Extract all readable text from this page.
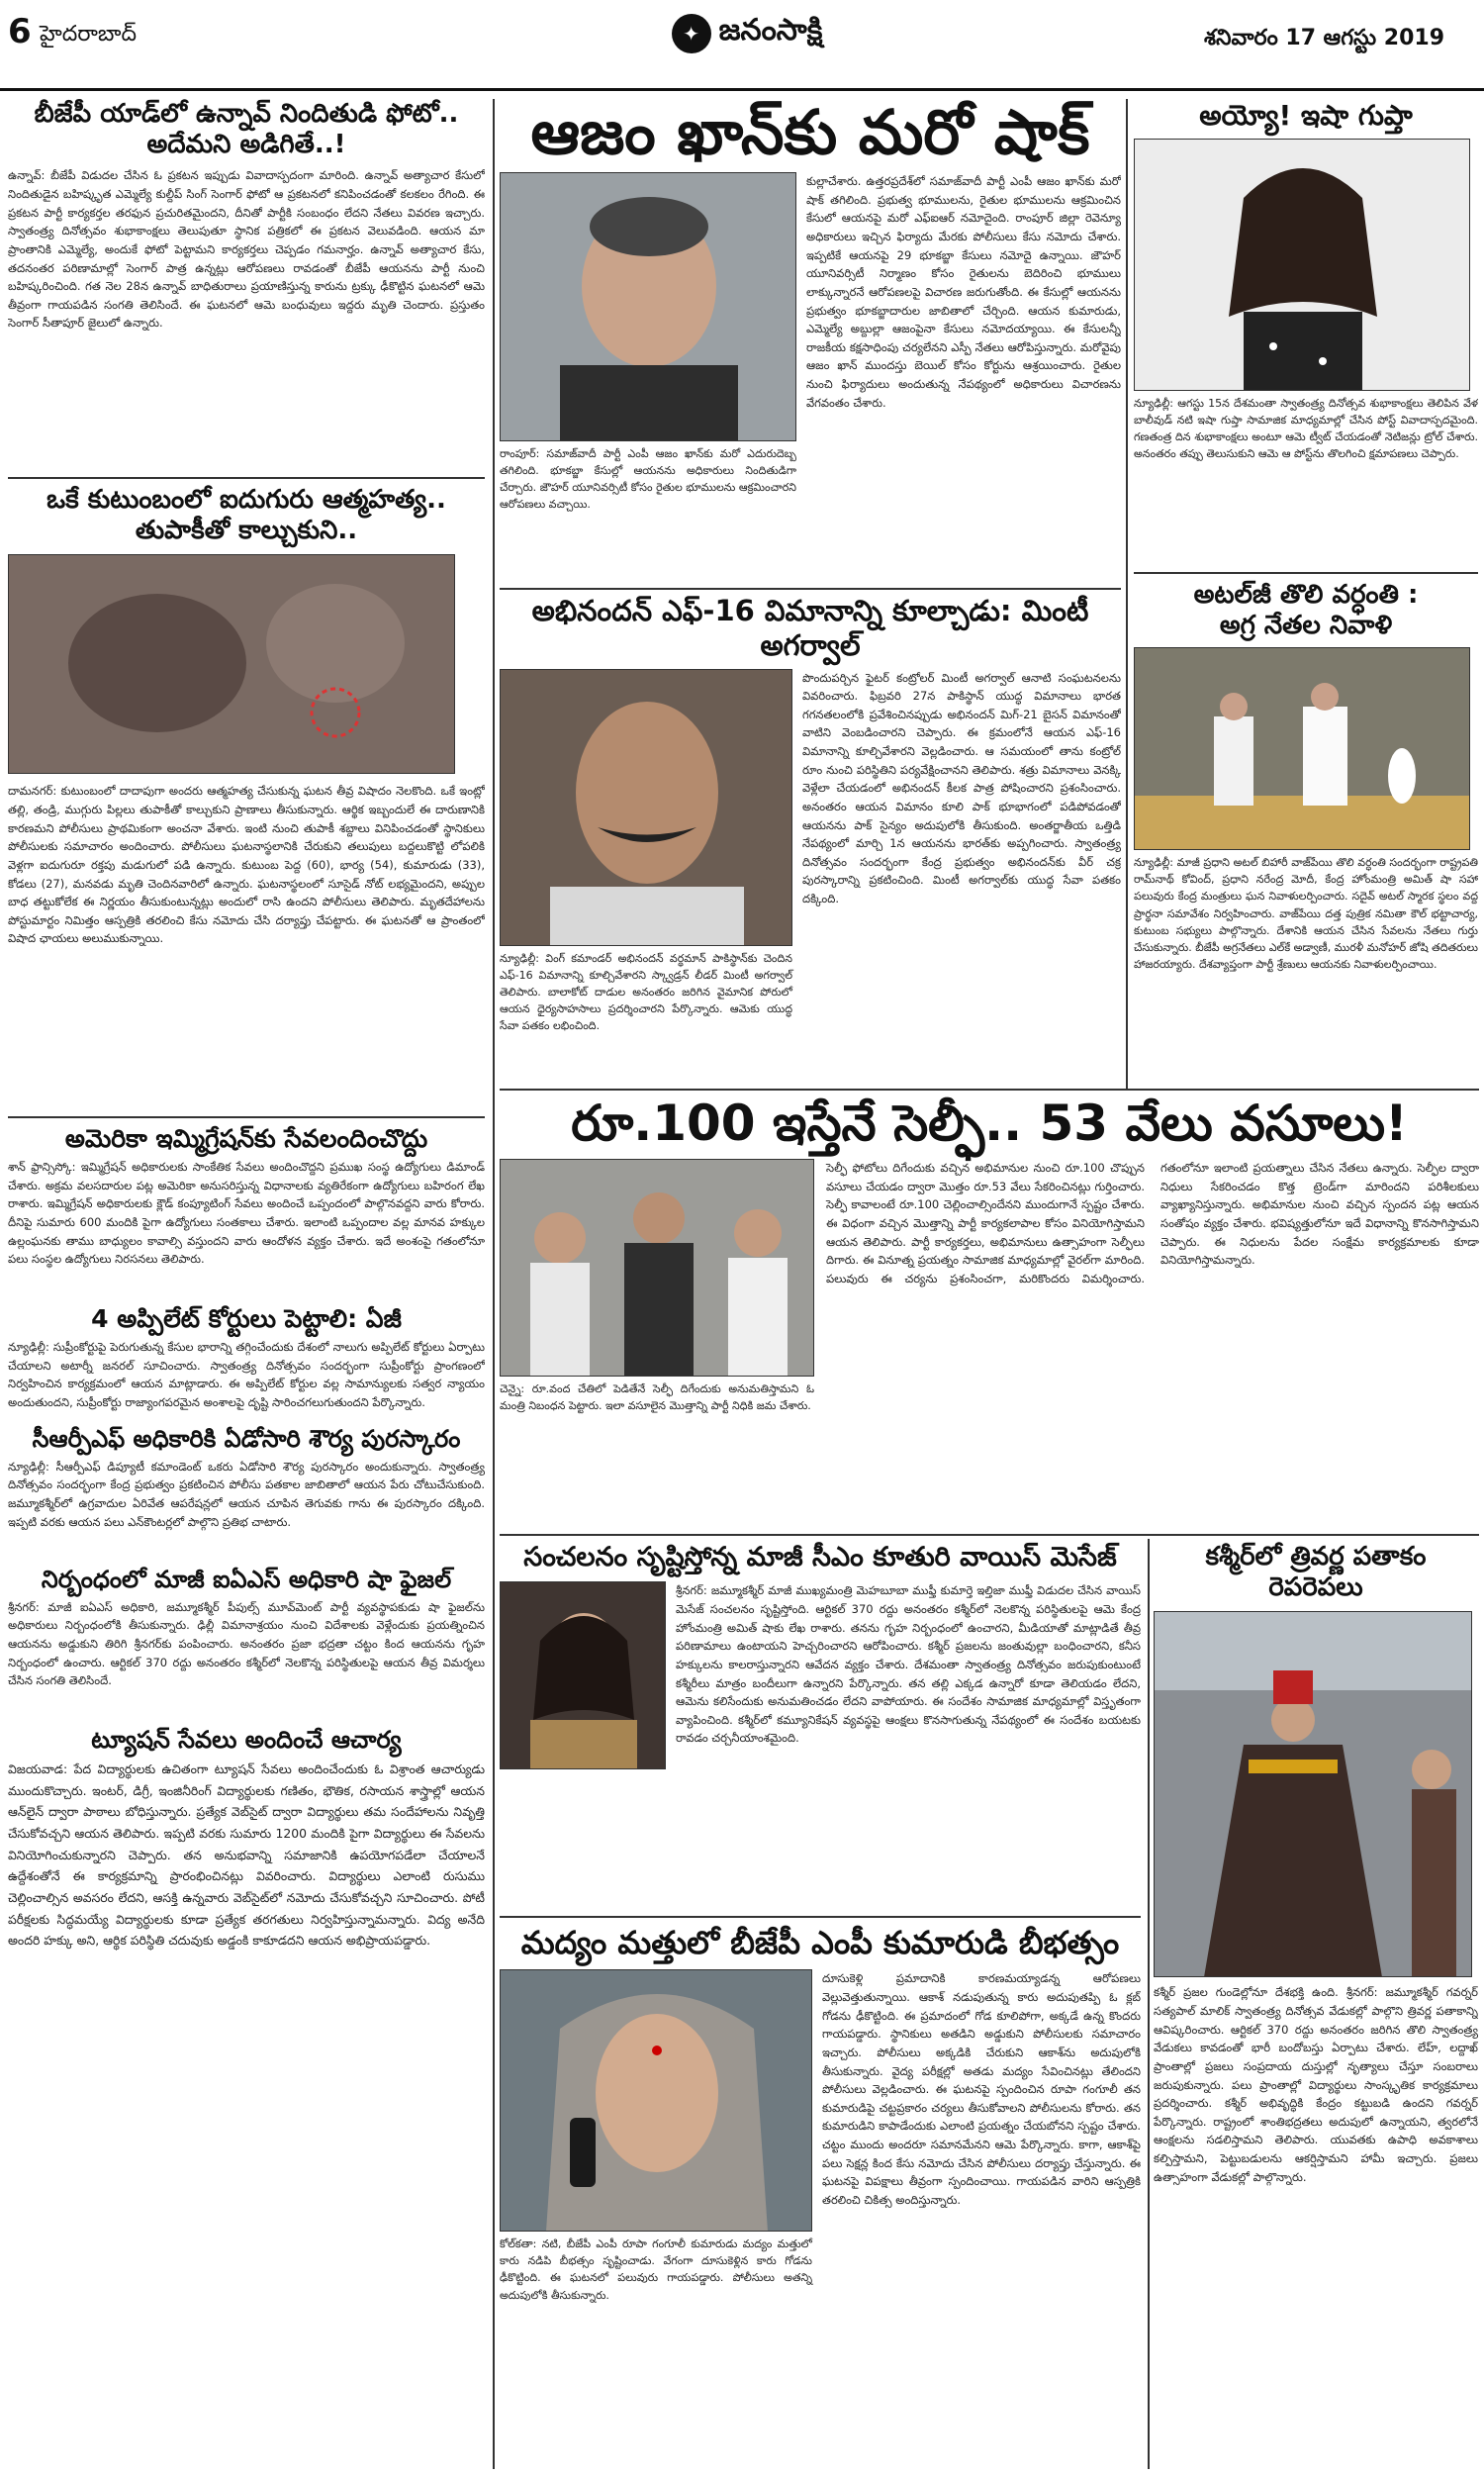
6 హైదరాబాద్	✦ జనంసాక్షి	శనివారం 17 ఆగస్టు 2019
బీజేపీ యాడ్‌లో ఉన్నావ్ నిందితుడి ఫోటో..
అదేమని అడిగితే..!
ఉన్నావ్: బీజేపీ విడుదల చేసిన ఓ ప్రకటన ఇప్పుడు వివాదాస్పదంగా మారింది. ఉన్నావ్ అత్యాచార కేసులో నిందితుడైన బహిష్కృత ఎమ్మెల్యే కుల్దీప్ సింగ్ సెంగార్ ఫోటో ఆ ప్రకటనలో కనిపించడంతో కలకలం రేగింది. ఈ ప్రకటన పార్టీ కార్యకర్తల తరఫున ప్రచురితమైందని, దీనితో పార్టీకి సంబంధం లేదని నేతలు వివరణ ఇచ్చారు. స్వాతంత్ర్య దినోత్సవం శుభాకాంక్షలు తెలుపుతూ స్థానిక పత్రికలో ఈ ప్రకటన వెలువడింది. ఆయన మా ప్రాంతానికి ఎమ్మెల్యే, అందుకే ఫోటో పెట్టామని కార్యకర్తలు చెప్పడం గమనార్హం. ఉన్నావ్ అత్యాచార కేసు, తదనంతర పరిణామాల్లో సెంగార్ పాత్ర ఉన్నట్లు ఆరోపణలు రావడంతో బీజేపీ ఆయనను పార్టీ నుంచి బహిష్కరించింది. గత నెల 28న ఉన్నావ్ బాధితురాలు ప్రయాణిస్తున్న కారును ట్రక్కు ఢీకొట్టిన ఘటనలో ఆమె తీవ్రంగా గాయపడిన సంగతి తెలిసిందే. ఈ ఘటనలో ఆమె బంధువులు ఇద్దరు మృతి చెందారు. ప్రస్తుతం సెంగార్ సీతాపూర్ జైలులో ఉన్నారు.
ఒకే కుటుంబంలో ఐదుగురు ఆత్మహత్య..
తుపాకీతో కాల్చుకుని..
దామనగర్: కుటుంబంలో దాదాపుగా అందరు ఆత్మహత్య చేసుకున్న ఘటన తీవ్ర విషాదం నెలకొంది. ఒకే ఇంట్లో తల్లి, తండ్రి, ముగ్గురు పిల్లలు తుపాకీతో కాల్చుకుని ప్రాణాలు తీసుకున్నారు. ఆర్థిక ఇబ్బందులే ఈ దారుణానికి కారణమని పోలీసులు ప్రాథమికంగా అంచనా వేశారు. ఇంటి నుంచి తుపాకీ శబ్దాలు వినిపించడంతో స్థానికులు పోలీసులకు సమాచారం అందించారు. పోలీసులు ఘటనాస్థలానికి చేరుకుని తలుపులు బద్దలుకొట్టి లోపలికి వెళ్లగా ఐదుగురూ రక్తపు మడుగులో పడి ఉన్నారు. కుటుంబ పెద్ద (60), భార్య (54), కుమారుడు (33), కోడలు (27), మనవడు మృతి చెందినవారిలో ఉన్నారు. ఘటనాస్థలంలో సూసైడ్ నోట్ లభ్యమైందని, అప్పుల బాధ తట్టుకోలేక ఈ నిర్ణయం తీసుకుంటున్నట్లు అందులో రాసి ఉందని పోలీసులు తెలిపారు. మృతదేహాలను పోస్టుమార్టం నిమిత్తం ఆస్పత్రికి తరలించి కేసు నమోదు చేసి దర్యాప్తు చేపట్టారు. ఈ ఘటనతో ఆ ప్రాంతంలో విషాద ఛాయలు అలుముకున్నాయి.
అమెరికా ఇమ్మిగ్రేషన్‌కు సేవలందించొద్దు
శాన్ ఫ్రాన్సిస్కో: ఇమ్మిగ్రేషన్ అధికారులకు సాంకేతిక సేవలు అందించొద్దని ప్రముఖ సంస్థ ఉద్యోగులు డిమాండ్ చేశారు. అక్రమ వలసదారుల పట్ల అమెరికా అనుసరిస్తున్న విధానాలకు వ్యతిరేకంగా ఉద్యోగులు బహిరంగ లేఖ రాశారు. ఇమ్మిగ్రేషన్ అధికారులకు క్లౌడ్ కంప్యూటింగ్ సేవలు అందించే ఒప్పందంలో పాల్గొనవద్దని వారు కోరారు. దీనిపై సుమారు 600 మందికి పైగా ఉద్యోగులు సంతకాలు చేశారు. ఇలాంటి ఒప్పందాల వల్ల మానవ హక్కుల ఉల్లంఘనకు తాము బాధ్యులం కావాల్సి వస్తుందని వారు ఆందోళన వ్యక్తం చేశారు. ఇదే అంశంపై గతంలోనూ పలు సంస్థల ఉద్యోగులు నిరసనలు తెలిపారు.
4 అప్పిలేట్ కోర్టులు పెట్టాలి: ఏజీ
న్యూఢిల్లీ: సుప్రీంకోర్టుపై పెరుగుతున్న కేసుల భారాన్ని తగ్గించేందుకు దేశంలో నాలుగు అప్పిలేట్ కోర్టులు ఏర్పాటు చేయాలని అటార్నీ జనరల్ సూచించారు. స్వాతంత్ర్య దినోత్సవం సందర్భంగా సుప్రీంకోర్టు ప్రాంగణంలో నిర్వహించిన కార్యక్రమంలో ఆయన మాట్లాడారు. ఈ అప్పిలేట్ కోర్టుల వల్ల సామాన్యులకు సత్వర న్యాయం అందుతుందని, సుప్రీంకోర్టు రాజ్యాంగపరమైన అంశాలపై దృష్టి సారించగలుగుతుందని పేర్కొన్నారు.
సీఆర్పీఎఫ్ అధికారికి ఏడోసారి శౌర్య పురస్కారం
న్యూఢిల్లీ: సీఆర్పీఎఫ్ డిప్యూటీ కమాండెంట్ ఒకరు ఏడోసారి శౌర్య పురస్కారం అందుకున్నారు. స్వాతంత్ర్య దినోత్సవం సందర్భంగా కేంద్ర ప్రభుత్వం ప్రకటించిన పోలీసు పతకాల జాబితాలో ఆయన పేరు చోటుచేసుకుంది. జమ్మూకశ్మీర్‌లో ఉగ్రవాదుల ఏరివేత ఆపరేషన్లలో ఆయన చూపిన తెగువకు గాను ఈ పురస్కారం దక్కింది. ఇప్పటి వరకు ఆయన పలు ఎన్‌కౌంటర్లలో పాల్గొని ప్రతిభ చాటారు.
నిర్బంధంలో మాజీ ఐఏఎస్ అధికారి షా ఫైజల్
శ్రీనగర్: మాజీ ఐఏఎస్ అధికారి, జమ్మూకశ్మీర్ పీపుల్స్ మూవ్‌మెంట్ పార్టీ వ్యవస్థాపకుడు షా ఫైజల్‌ను అధికారులు నిర్బంధంలోకి తీసుకున్నారు. ఢిల్లీ విమానాశ్రయం నుంచి విదేశాలకు వెళ్లేందుకు ప్రయత్నించిన ఆయనను అడ్డుకుని తిరిగి శ్రీనగర్‌కు పంపించారు. అనంతరం ప్రజా భద్రతా చట్టం కింద ఆయనను గృహ నిర్బంధంలో ఉంచారు. ఆర్టికల్ 370 రద్దు అనంతరం కశ్మీర్‌లో నెలకొన్న పరిస్థితులపై ఆయన తీవ్ర విమర్శలు చేసిన సంగతి తెలిసిందే.
ట్యూషన్ సేవలు అందించే ఆచార్య
విజయవాడ: పేద విద్యార్థులకు ఉచితంగా ట్యూషన్ సేవలు అందించేందుకు ఓ విశ్రాంత ఆచార్యుడు ముందుకొచ్చారు. ఇంటర్, డిగ్రీ, ఇంజినీరింగ్ విద్యార్థులకు గణితం, భౌతిక, రసాయన శాస్త్రాల్లో ఆయన ఆన్‌లైన్ ద్వారా పాఠాలు బోధిస్తున్నారు. ప్రత్యేక వెబ్‌సైట్ ద్వారా విద్యార్థులు తమ సందేహాలను నివృత్తి చేసుకోవచ్చని ఆయన తెలిపారు. ఇప్పటి వరకు సుమారు 1200 మందికి పైగా విద్యార్థులు ఈ సేవలను వినియోగించుకున్నారని చెప్పారు. తన అనుభవాన్ని సమాజానికి ఉపయోగపడేలా చేయాలనే ఉద్దేశంతోనే ఈ కార్యక్రమాన్ని ప్రారంభించినట్లు వివరించారు. విద్యార్థులు ఎలాంటి రుసుము చెల్లించాల్సిన అవసరం లేదని, ఆసక్తి ఉన్నవారు వెబ్‌సైట్‌లో నమోదు చేసుకోవచ్చని సూచించారు. పోటీ పరీక్షలకు సిద్ధమయ్యే విద్యార్థులకు కూడా ప్రత్యేక తరగతులు నిర్వహిస్తున్నామన్నారు. విద్య అనేది అందరి హక్కు అని, ఆర్థిక పరిస్థితి చదువుకు అడ్డంకి కాకూడదని ఆయన అభిప్రాయపడ్డారు.
ఆజం ఖాన్‌కు మరో షాక్
రాంపూర్: సమాజ్‌వాదీ పార్టీ ఎంపీ ఆజం ఖాన్‌కు మరో ఎదురుదెబ్బ తగిలింది. భూకబ్జా కేసుల్లో ఆయనను అధికారులు నిందితుడిగా చేర్చారు. జౌహర్ యూనివర్సిటీ కోసం రైతుల భూములను ఆక్రమించారని ఆరోపణలు వచ్చాయి.
కుల్లాచేశారు. ఉత్తరప్రదేశ్‌లో సమాజ్‌వాదీ పార్టీ ఎంపీ ఆజం ఖాన్‌కు మరో షాక్ తగిలింది. ప్రభుత్వ భూములను, రైతుల భూములను ఆక్రమించిన కేసులో ఆయనపై మరో ఎఫ్ఐఆర్ నమోదైంది. రాంపూర్ జిల్లా రెవెన్యూ అధికారులు ఇచ్చిన ఫిర్యాదు మేరకు పోలీసులు కేసు నమోదు చేశారు. ఇప్పటికే ఆయనపై 29 భూకబ్జా కేసులు నమోదై ఉన్నాయి. జౌహర్ యూనివర్సిటీ నిర్మాణం కోసం రైతులను బెదిరించి భూములు లాక్కున్నారనే ఆరోపణలపై విచారణ జరుగుతోంది. ఈ కేసుల్లో ఆయనను ప్రభుత్వం భూకబ్జాదారుల జాబితాలో చేర్చింది. ఆయన కుమారుడు, ఎమ్మెల్యే అబ్దుల్లా ఆజంపైనా కేసులు నమోదయ్యాయి. ఈ కేసులన్నీ రాజకీయ కక్షసాధింపు చర్యలేనని ఎస్పీ నేతలు ఆరోపిస్తున్నారు. మరోవైపు ఆజం ఖాన్ ముందస్తు బెయిల్ కోసం కోర్టును ఆశ్రయించారు. రైతుల నుంచి ఫిర్యాదులు అందుతున్న నేపథ్యంలో అధికారులు విచారణను వేగవంతం చేశారు.
అభినందన్ ఎఫ్-16 విమానాన్ని కూల్చాడు: మింటీ అగర్వాల్
న్యూఢిల్లీ: వింగ్ కమాండర్ అభినందన్ వర్థమాన్ పాకిస్థాన్‌కు చెందిన ఎఫ్-16 విమానాన్ని కూల్చివేశారని స్క్వాడ్రన్ లీడర్ మింటీ అగర్వాల్ తెలిపారు. బాలాకోట్ దాడుల అనంతరం జరిగిన వైమానిక పోరులో ఆయన ధైర్యసాహసాలు ప్రదర్శించారని పేర్కొన్నారు. ఆమెకు యుద్ధ సేవా పతకం లభించింది.
పొందుపర్చిన ఫైటర్ కంట్రోలర్ మింటీ అగర్వాల్ ఆనాటి సంఘటనలను వివరించారు. ఫిబ్రవరి 27న పాకిస్థాన్ యుద్ధ విమానాలు భారత గగనతలంలోకి ప్రవేశించినప్పుడు అభినందన్ మిగ్-21 బైసన్ విమానంతో వాటిని వెంబడించారని చెప్పారు. ఈ క్రమంలోనే ఆయన ఎఫ్-16 విమానాన్ని కూల్చివేశారని వెల్లడించారు. ఆ సమయంలో తాను కంట్రోల్ రూం నుంచి పరిస్థితిని పర్యవేక్షించానని తెలిపారు. శత్రు విమానాలు వెనక్కి వెళ్లేలా చేయడంలో అభినందన్ కీలక పాత్ర పోషించారని ప్రశంసించారు. అనంతరం ఆయన విమానం కూలి పాక్ భూభాగంలో పడిపోవడంతో ఆయనను పాక్ సైన్యం అదుపులోకి తీసుకుంది. అంతర్జాతీయ ఒత్తిడి నేపథ్యంలో మార్చి 1న ఆయనను భారత్‌కు అప్పగించారు. స్వాతంత్ర్య దినోత్సవం సందర్భంగా కేంద్ర ప్రభుత్వం అభినందన్‌కు వీర్ చక్ర పురస్కారాన్ని ప్రకటించింది. మింటీ అగర్వాల్‌కు యుద్ధ సేవా పతకం దక్కింది.
అయ్యో! ఇషా గుప్తా
న్యూఢిల్లీ: ఆగస్టు 15న దేశమంతా స్వాతంత్ర్య దినోత్సవ శుభాకాంక్షలు తెలిపిన వేళ బాలీవుడ్ నటి ఇషా గుప్తా సామాజిక మాధ్యమాల్లో చేసిన పోస్ట్ వివాదాస్పదమైంది. గణతంత్ర దిన శుభాకాంక్షలు అంటూ ఆమె ట్వీట్ చేయడంతో నెటిజన్లు ట్రోల్ చేశారు. అనంతరం తప్పు తెలుసుకుని ఆమె ఆ పోస్ట్‌ను తొలగించి క్షమాపణలు చెప్పారు.
అటల్‌జీ తొలి వర్ధంతి :
అగ్ర నేతల నివాళి
న్యూఢిల్లీ: మాజీ ప్రధాని అటల్ బిహారీ వాజ్‌పేయి తొలి వర్ధంతి సందర్భంగా రాష్ట్రపతి రామ్‌నాథ్ కోవింద్, ప్రధాని నరేంద్ర మోదీ, కేంద్ర హోంమంత్రి అమిత్ షా సహా పలువురు కేంద్ర మంత్రులు ఘన నివాళులర్పించారు. సదైవ్ అటల్ స్మారక స్థలం వద్ద ప్రార్థనా సమావేశం నిర్వహించారు. వాజ్‌పేయి దత్త పుత్రిక నమితా కౌల్ భట్టాచార్య, కుటుంబ సభ్యులు పాల్గొన్నారు. దేశానికి ఆయన చేసిన సేవలను నేతలు గుర్తు చేసుకున్నారు. బీజేపీ అగ్రనేతలు ఎల్‌కే అడ్వాణీ, మురళీ మనోహర్ జోషి తదితరులు హాజరయ్యారు. దేశవ్యాప్తంగా పార్టీ శ్రేణులు ఆయనకు నివాళులర్పించాయి.
రూ.100 ఇస్తేనే సెల్ఫీ.. 53 వేలు వసూలు!
చెన్నై: రూ.వంద చేతిలో పెడితేనే సెల్ఫీ దిగేందుకు అనుమతిస్తామని ఓ మంత్రి నిబంధన పెట్టారు. ఇలా వసూలైన మొత్తాన్ని పార్టీ నిధికి జమ చేశారు.
సెల్ఫీ ఫోటోలు దిగేందుకు వచ్చిన అభిమానుల నుంచి రూ.100 చొప్పున వసూలు చేయడం ద్వారా మొత్తం రూ.53 వేలు సేకరించినట్లు గుర్తించారు. సెల్ఫీ కావాలంటే రూ.100 చెల్లించాల్సిందేనని ముందుగానే స్పష్టం చేశారు. ఈ విధంగా వచ్చిన మొత్తాన్ని పార్టీ కార్యకలాపాల కోసం వినియోగిస్తామని ఆయన తెలిపారు. పార్టీ కార్యకర్తలు, అభిమానులు ఉత్సాహంగా సెల్ఫీలు దిగారు. ఈ వినూత్న ప్రయత్నం సామాజిక మాధ్యమాల్లో వైరల్‌గా మారింది. పలువురు ఈ చర్యను ప్రశంసించగా, మరికొందరు విమర్శించారు. గతంలోనూ ఇలాంటి ప్రయత్నాలు చేసిన నేతలు ఉన్నారు. సెల్ఫీల ద్వారా నిధులు సేకరించడం కొత్త ట్రెండ్‌గా మారిందని పరిశీలకులు వ్యాఖ్యానిస్తున్నారు. అభిమానుల నుంచి వచ్చిన స్పందన పట్ల ఆయన సంతోషం వ్యక్తం చేశారు. భవిష్యత్తులోనూ ఇదే విధానాన్ని కొనసాగిస్తామని చెప్పారు. ఈ నిధులను పేదల సంక్షేమ కార్యక్రమాలకు కూడా వినియోగిస్తామన్నారు.
సంచలనం సృష్టిస్తోన్న మాజీ సీఎం కూతురి వాయిస్ మెసేజ్
శ్రీనగర్: జమ్మూకశ్మీర్ మాజీ ముఖ్యమంత్రి మెహబూబా ముఫ్తీ కుమార్తె ఇల్తిజా ముఫ్తీ విడుదల చేసిన వాయిస్ మెసేజ్ సంచలనం సృష్టిస్తోంది. ఆర్టికల్ 370 రద్దు అనంతరం కశ్మీర్‌లో నెలకొన్న పరిస్థితులపై ఆమె కేంద్ర హోంమంత్రి అమిత్ షాకు లేఖ రాశారు. తనను గృహ నిర్బంధంలో ఉంచారని, మీడియాతో మాట్లాడితే తీవ్ర పరిణామాలు ఉంటాయని హెచ్చరించారని ఆరోపించారు. కశ్మీర్ ప్రజలను జంతువుల్లా బంధించారని, కనీస హక్కులను కాలరాస్తున్నారని ఆవేదన వ్యక్తం చేశారు. దేశమంతా స్వాతంత్ర్య దినోత్సవం జరుపుకుంటుంటే కశ్మీరీలు మాత్రం బందీలుగా ఉన్నారని పేర్కొన్నారు. తన తల్లి ఎక్కడ ఉన్నారో కూడా తెలియడం లేదని, ఆమెను కలిసేందుకు అనుమతించడం లేదని వాపోయారు. ఈ సందేశం సామాజిక మాధ్యమాల్లో విస్తృతంగా వ్యాపించింది. కశ్మీర్‌లో కమ్యూనికేషన్ వ్యవస్థపై ఆంక్షలు కొనసాగుతున్న నేపథ్యంలో ఈ సందేశం బయటకు రావడం చర్చనీయాంశమైంది.
కశ్మీర్‌లో త్రివర్ణ పతాకం
రెపరెపలు
కశ్మీర్ ప్రజల గుండెల్లోనూ దేశభక్తి ఉంది. శ్రీనగర్: జమ్మూకశ్మీర్ గవర్నర్ సత్యపాల్ మాలిక్ స్వాతంత్ర్య దినోత్సవ వేడుకల్లో పాల్గొని త్రివర్ణ పతాకాన్ని ఆవిష్కరించారు. ఆర్టికల్ 370 రద్దు అనంతరం జరిగిన తొలి స్వాతంత్ర్య వేడుకలు కావడంతో భారీ బందోబస్తు ఏర్పాటు చేశారు. లేహ్, లద్దాఖ్ ప్రాంతాల్లో ప్రజలు సంప్రదాయ దుస్తుల్లో నృత్యాలు చేస్తూ సంబరాలు జరుపుకున్నారు. పలు ప్రాంతాల్లో విద్యార్థులు సాంస్కృతిక కార్యక్రమాలు ప్రదర్శించారు. కశ్మీర్ అభివృద్ధికి కేంద్రం కట్టుబడి ఉందని గవర్నర్ పేర్కొన్నారు. రాష్ట్రంలో శాంతిభద్రతలు అదుపులో ఉన్నాయని, త్వరలోనే ఆంక్షలను సడలిస్తామని తెలిపారు. యువతకు ఉపాధి అవకాశాలు కల్పిస్తామని, పెట్టుబడులను ఆకర్షిస్తామని హామీ ఇచ్చారు. ప్రజలు ఉత్సాహంగా వేడుకల్లో పాల్గొన్నారు.
మద్యం మత్తులో బీజేపీ ఎంపీ కుమారుడి బీభత్సం
కోల్‌కతా: నటి, బీజేపీ ఎంపీ రూపా గంగూలీ కుమారుడు మద్యం మత్తులో కారు నడిపి బీభత్సం సృష్టించాడు. వేగంగా దూసుకెళ్లిన కారు గోడను ఢీకొట్టింది. ఈ ఘటనలో పలువురు గాయపడ్డారు. పోలీసులు అతన్ని అదుపులోకి తీసుకున్నారు.
దూసుకెళ్లి ప్రమాదానికి కారణమయ్యాడన్న ఆరోపణలు వెల్లువెత్తుతున్నాయి. ఆకాశ్ నడుపుతున్న కారు అదుపుతప్పి ఓ క్లబ్ గోడను ఢీకొట్టింది. ఈ ప్రమాదంలో గోడ కూలిపోగా, అక్కడే ఉన్న కొందరు గాయపడ్డారు. స్థానికులు అతడిని అడ్డుకుని పోలీసులకు సమాచారం ఇచ్చారు. పోలీసులు అక్కడికి చేరుకుని ఆకాశ్‌ను అదుపులోకి తీసుకున్నారు. వైద్య పరీక్షల్లో అతడు మద్యం సేవించినట్లు తేలిందని పోలీసులు వెల్లడించారు. ఈ ఘటనపై స్పందించిన రూపా గంగూలీ తన కుమారుడిపై చట్టప్రకారం చర్యలు తీసుకోవాలని పోలీసులను కోరారు. తన కుమారుడిని కాపాడేందుకు ఎలాంటి ప్రయత్నం చేయబోనని స్పష్టం చేశారు. చట్టం ముందు అందరూ సమానమేనని ఆమె పేర్కొన్నారు. కాగా, ఆకాశ్‌పై పలు సెక్షన్ల కింద కేసు నమోదు చేసిన పోలీసులు దర్యాప్తు చేస్తున్నారు. ఈ ఘటనపై విపక్షాలు తీవ్రంగా స్పందించాయి. గాయపడిన వారిని ఆస్పత్రికి తరలించి చికిత్స అందిస్తున్నారు.
